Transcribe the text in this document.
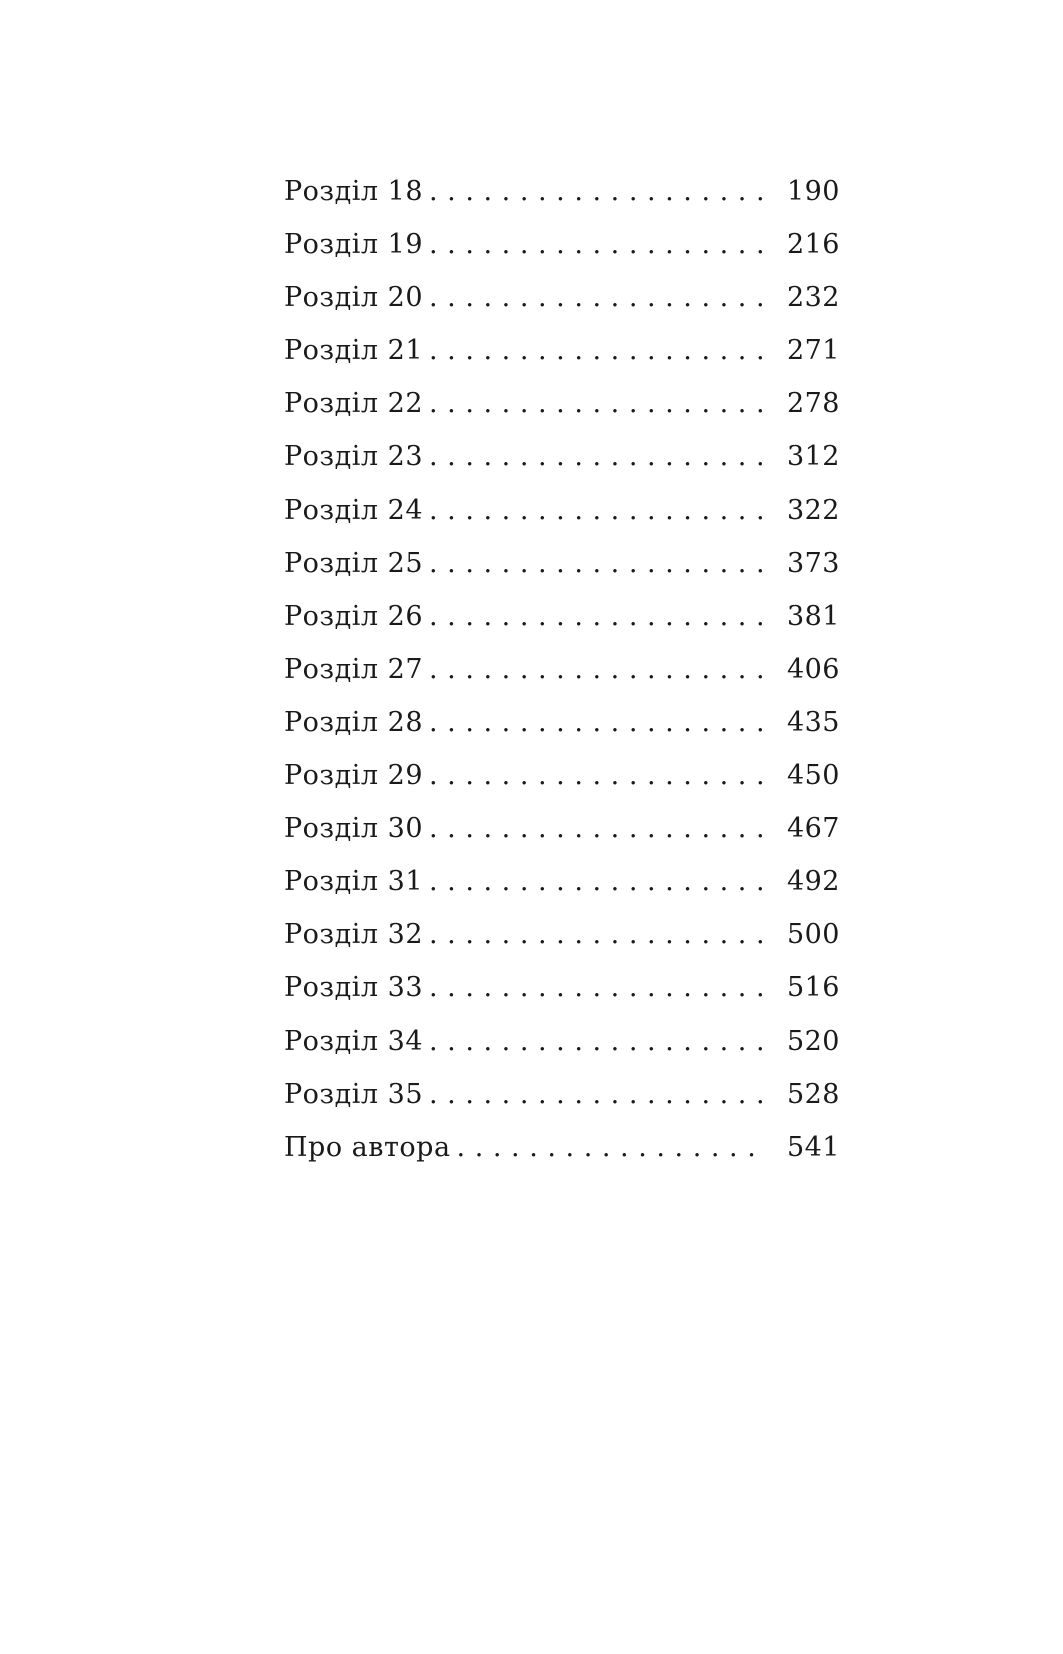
Розділ 18 . . .	190
Розділ 19 . . .	216
Розділ 20 . . .	232
Розділ 21 . . .	271
Розділ 22 . . .	278
Розділ 23 . . .	312
Розділ 24 . . .	322
Розділ 25 . . .	373
Розділ 26 . . .	381
Розділ 27 . . .	406
Розділ 28 . . .	435
Розділ 29 . . .	450
Розділ 30 . . .	467
Розділ 31 . . .	492
Розділ 32 . . .	500
Розділ 33 . . .	516
Розділ 34 . . .	520
Розділ 35 . . .	528
Про автора . . .	541
